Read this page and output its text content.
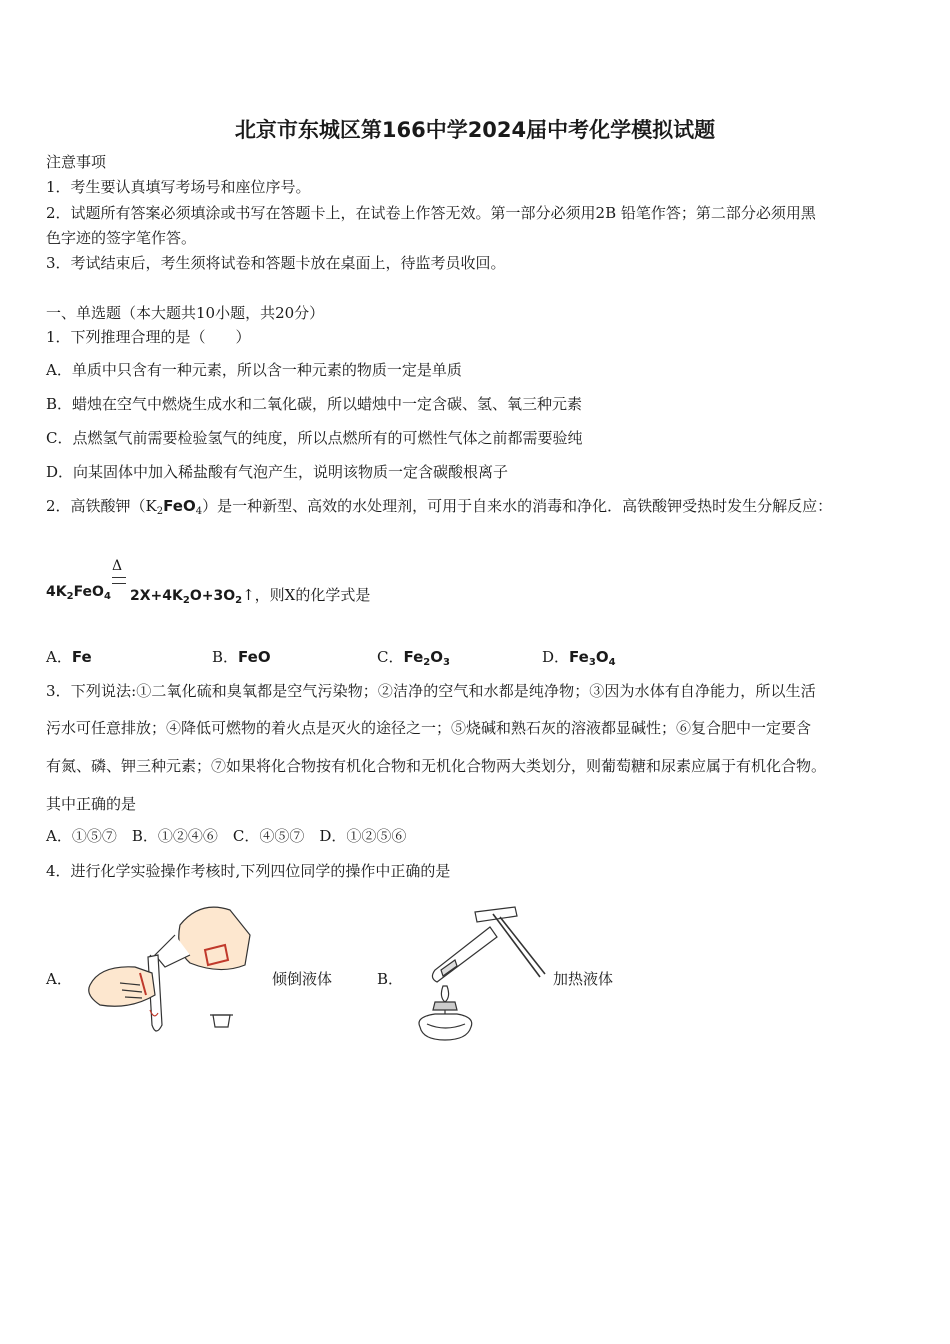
北京市东城区第166中学2024届中考化学模拟试题
注意事项
1．考生要认真填写考场号和座位序号。
2．试题所有答案必须填涂或书写在答题卡上，在试卷上作答无效。第一部分必须用2B 铅笔作答；第二部分必须用黑
色字迹的签字笔作答。
3．考试结束后，考生须将试卷和答题卡放在桌面上，待监考员收回。
一、单选题（本大题共10小题，共20分）
1．下列推理合理的是（　　）
A．单质中只含有一种元素，所以含一种元素的物质一定是单质
B．蜡烛在空气中燃烧生成水和二氧化碳，所以蜡烛中一定含碳、氢、氧三种元素
C．点燃氢气前需要检验氢气的纯度，所以点燃所有的可燃性气体之前都需要验纯
D．向某固体中加入稀盐酸有气泡产生，说明该物质一定含碳酸根离子
2．高铁酸钾$(K_2FeO_4)$是一种新型、高效的水处理剂，可用于自来水的消毒和净化．高铁酸钾受热时发生分解反应：
Δ
$4K_2FeO_4$ $2X+4K_2O+3O_2↑$，则X的化学式是
A．Fe	B．FeO	C．$Fe_2O_3$	D．$Fe_3O_4$
3．下列说法:①二氧化硫和臭氧都是空气污染物；②洁净的空气和水都是纯净物；③因为水体有自净能力，所以生活
污水可任意排放；④降低可燃物的着火点是灭火的途径之一；⑤烧碱和熟石灰的溶液都显碱性；⑥复合肥中一定要含
有氮、磷、钾三种元素；⑦如果将化合物按有机化合物和无机化合物两大类划分，则葡萄糖和尿素应属于有机化合物。
其中正确的是
A．①⑤⑦　B．①②④⑥　C．④⑤⑦　D．①②⑤⑥
4．进行化学实验操作考核时,下列四位同学的操作中正确的是
A．	倾倒液体	B．	加热液体
